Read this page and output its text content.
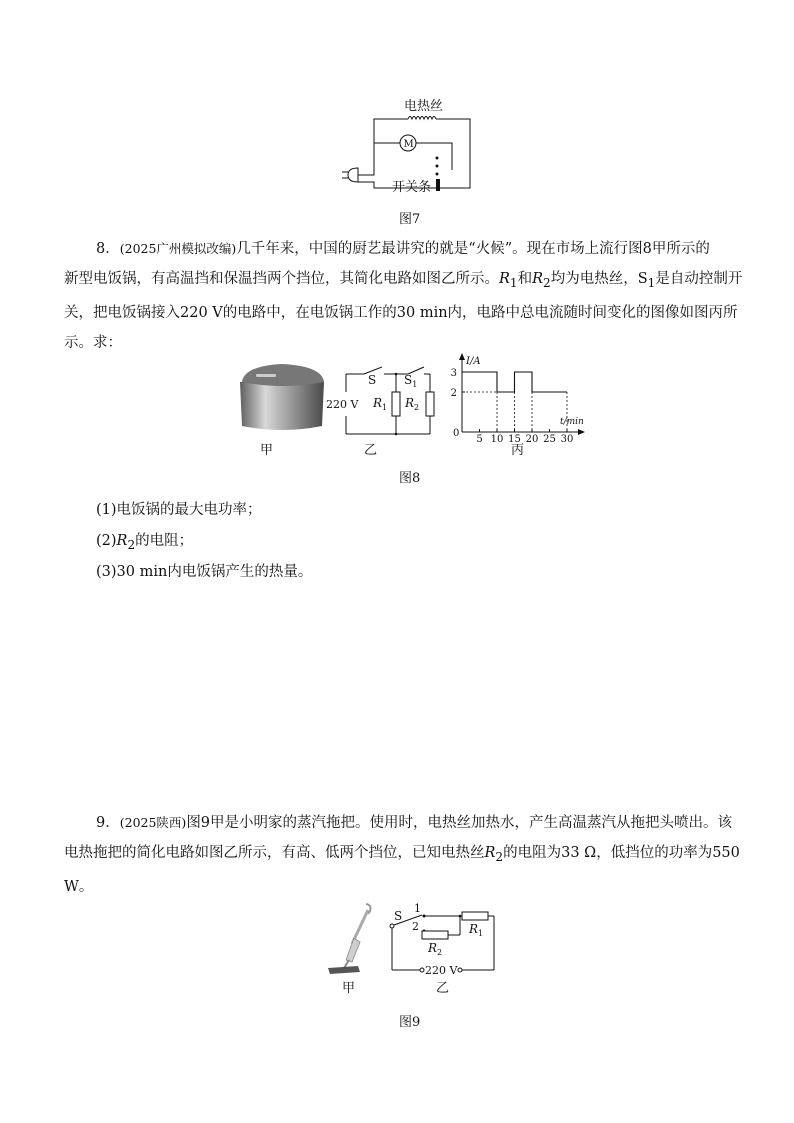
电热丝
M
开关条
图7
8．(2025广州模拟改编)几千年来，中国的厨艺最讲究的就是“火候”。现在市场上流行图8甲所示的
新型电饭锅，有高温挡和保温挡两个挡位，其简化电路如图乙所示。$R_1$和$R_2$均为电热丝，$S_1$是自动控制开
关，把电饭锅接入220 V的电路中，在电饭锅工作的30 min内，电路中总电流随时间变化的图像如图丙所
示。求：
甲
S $S_1$
220 V $R_1$ $R_2$
乙
I/A
t/min
0
5 10 15 20 25 30
2
3
丙
图8
(1)电饭锅的最大电功率；
$(2)R_2$的电阻；
(3)30 min内电饭锅产生的热量。
9．(2025陕西)图9甲是小明家的蒸汽拖把。使用时，电热丝加热水，产生高温蒸汽从拖把头喷出。该
电热拖把的简化电路如图乙所示，有高、低两个挡位，已知电热丝$R_2$的电阻为33 Ω，低挡位的功率为550
W。
甲
S
1
2
220 V
$R_1$
$R_2$
乙
图9
